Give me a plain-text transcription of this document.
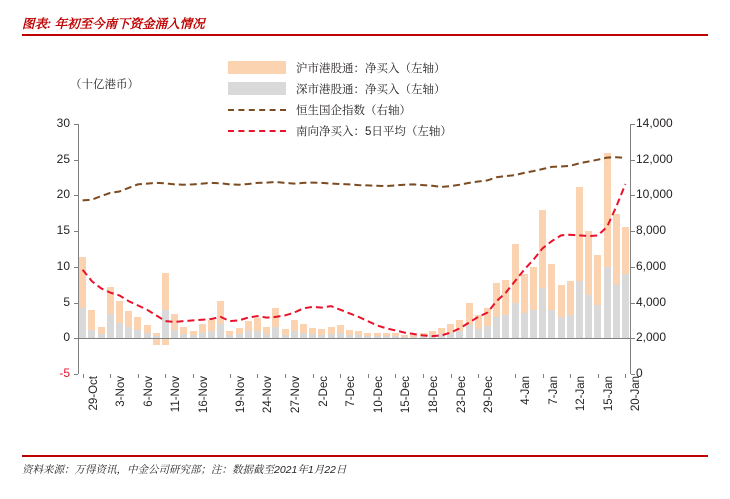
图表: 年初至今南下资金涌入情况
沪市港股通：净买入（左轴）
深市港股通：净买入（左轴）
恒生国企指数（右轴）
南向净买入：5日平均（左轴）
（十亿港币）
30
25
20
15
10
5
0
-5
14,000
12,000
10,000
8,000
6,000
4,000
2,000
0
29-Oct 3-Nov 6-Nov 11-Nov 16-Nov 19-Nov 24-Nov 27-Nov 2-Dec 7-Dec 10-Dec 15-Dec 18-Dec 23-Dec 29-Dec 4-Jan 7-Jan 12-Jan 15-Jan 20-Jan
资料来源：万得资讯，中金公司研究部；注：数据截至2021年1月22日
